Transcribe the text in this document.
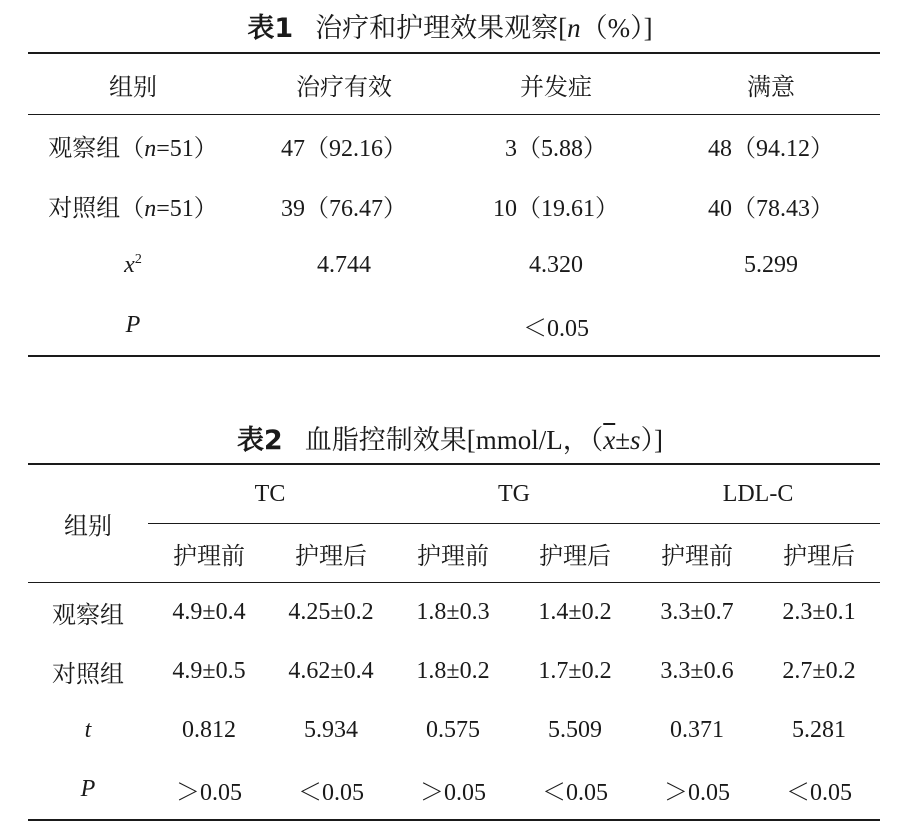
表1 治疗和护理效果观察[n（%）]
组别	治疗有效	并发症	满意
观察组（n=51）	47（92.16）	3（5.88）	48（94.12）
对照组（n=51）	39（76.47）	10（19.61）	40（78.43）
$x^2$	4.744	4.320	5.299
P		＜0.05	
表2 血脂控制效果[mmol/L，$(\overline{x}\pm s)$]
组别	TC		TG		LDL-C	
	护理前	护理后	护理前	护理后	护理前	护理后
观察组	4.9±0.4	4.25±0.2	1.8±0.3	1.4±0.2	3.3±0.7	2.3±0.1
对照组	4.9±0.5	4.62±0.4	1.8±0.2	1.7±0.2	3.3±0.6	2.7±0.2
t	0.812	5.934	0.575	5.509	0.371	5.281
P	＞0.05	＜0.05	＞0.05	＜0.05	＞0.05	＜0.05
